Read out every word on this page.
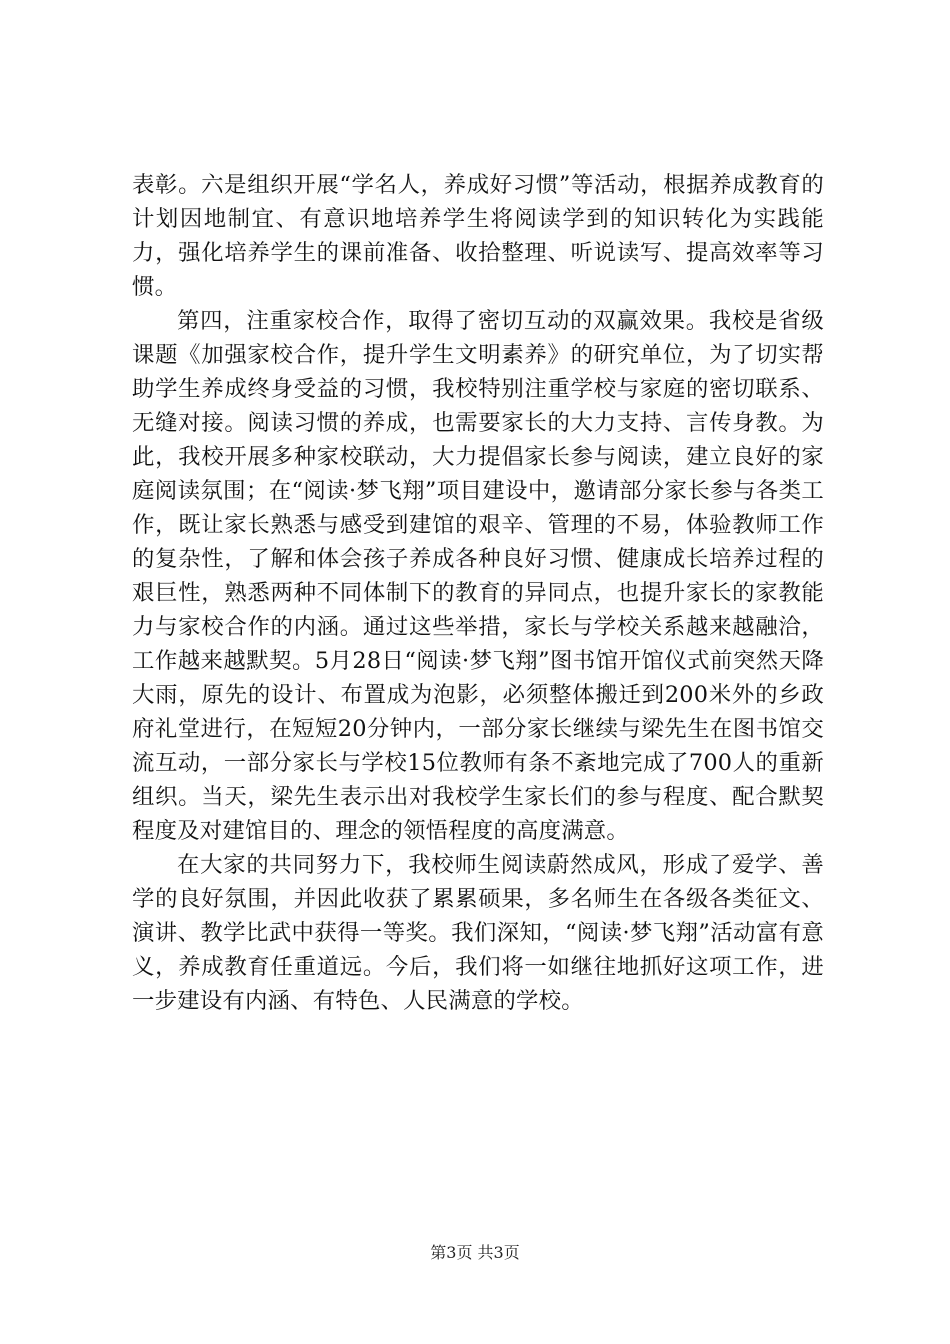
表彰。六是组织开展“学名人，养成好习惯”等活动，根据养成教育的计划因地制宜、有意识地培养学生将阅读学到的知识转化为实践能力，强化培养学生的课前准备、收拾整理、听说读写、提高效率等习惯。

第四，注重家校合作，取得了密切互动的双赢效果。我校是省级课题《加强家校合作，提升学生文明素养》的研究单位，为了切实帮助学生养成终身受益的习惯，我校特别注重学校与家庭的密切联系、无缝对接。阅读习惯的养成，也需要家长的大力支持、言传身教。为此，我校开展多种家校联动，大力提倡家长参与阅读，建立良好的家庭阅读氛围；在“阅读·梦飞翔”项目建设中，邀请部分家长参与各类工作，既让家长熟悉与感受到建馆的艰辛、管理的不易，体验教师工作的复杂性，了解和体会孩子养成各种良好习惯、健康成长培养过程的艰巨性，熟悉两种不同体制下的教育的异同点，也提升家长的家教能力与家校合作的内涵。通过这些举措，家长与学校关系越来越融洽，工作越来越默契。5月28日“阅读·梦飞翔”图书馆开馆仪式前突然天降大雨，原先的设计、布置成为泡影，必须整体搬迁到200米外的乡政府礼堂进行，在短短20分钟内，一部分家长继续与梁先生在图书馆交流互动，一部分家长与学校15位教师有条不紊地完成了700人的重新组织。当天，梁先生表示出对我校学生家长们的参与程度、配合默契程度及对建馆目的、理念的领悟程度的高度满意。

在大家的共同努力下，我校师生阅读蔚然成风，形成了爱学、善学的良好氛围，并因此收获了累累硕果，多名师生在各级各类征文、演讲、教学比武中获得一等奖。我们深知，“阅读·梦飞翔”活动富有意义，养成教育任重道远。今后，我们将一如继往地抓好这项工作，进一步建设有内涵、有特色、人民满意的学校。

第3页 共3页
